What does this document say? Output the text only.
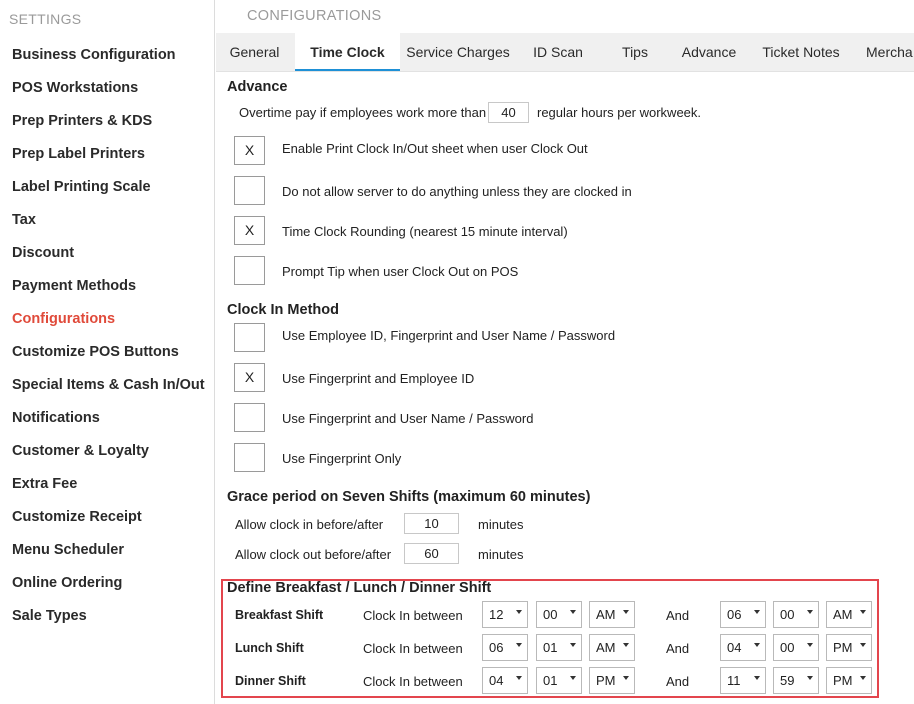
SETTINGS
Business Configuration
POS Workstations
Prep Printers & KDS
Prep Label Printers
Label Printing Scale
Tax
Discount
Payment Methods
Configurations
Customize POS Buttons
Special Items & Cash In/Out
Notifications
Customer & Loyalty
Extra Fee
Customize Receipt
Menu Scheduler
Online Ordering
Sale Types
CONFIGURATIONS
General	Time Clock	Service Charges	ID Scan	Tips	Advance	Ticket Notes	Mercha
Advance
Overtime pay if employees work more than
40	regular hours per workweek.
X	Enable Print Clock In/Out sheet when user Clock Out
Do not allow server to do anything unless they are clocked in
X	Time Clock Rounding (nearest 15 minute interval)
Prompt Tip when user Clock Out on POS
Clock In Method
Use Employee ID, Fingerprint and User Name / Password
X	Use Fingerprint and Employee ID
Use Fingerprint and User Name / Password
Use Fingerprint Only
Grace period on Seven Shifts (maximum 60 minutes)
Allow clock in before/after
10	minutes
Allow clock out before/after
60	minutes
Define Breakfast / Lunch / Dinner Shift
Breakfast Shift	Clock In between 12	00	AM	And	06	00	AM
Lunch Shift	Clock In between 06	01	AM	And	04	00	PM
Dinner Shift	Clock In between 04	01	PM	And	11	59	PM
